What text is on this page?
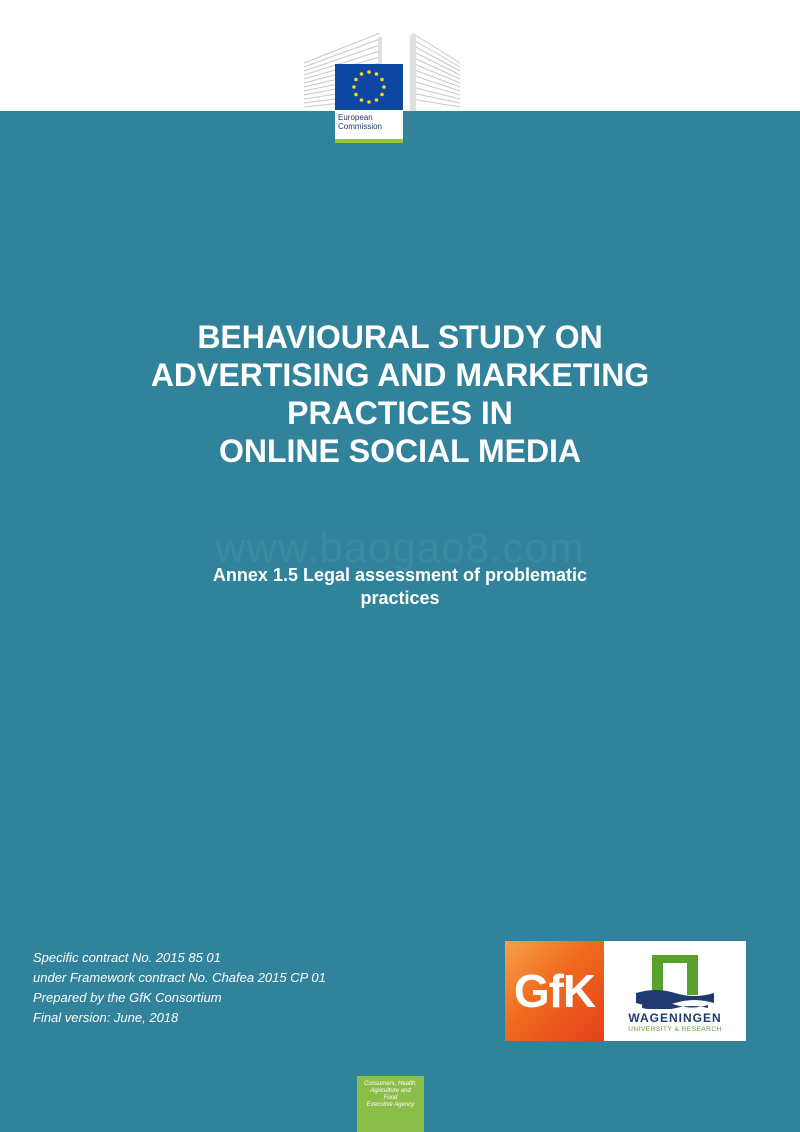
European
Commission
BEHAVIOURAL STUDY ON
ADVERTISING AND MARKETING
PRACTICES IN
ONLINE SOCIAL MEDIA
www.baogao8.com
Annex 1.5 Legal assessment of problematic
practices
Specific contract No. 2015 85 01
under Framework contract No. Chafea 2015 CP 01
Prepared by the GfK Consortium
Final version: June, 2018
GfK
WAGENINGEN
UNIVERSITY & RESEARCH
Consumers, Health,
Agriculture and
Food
Executive Agency
